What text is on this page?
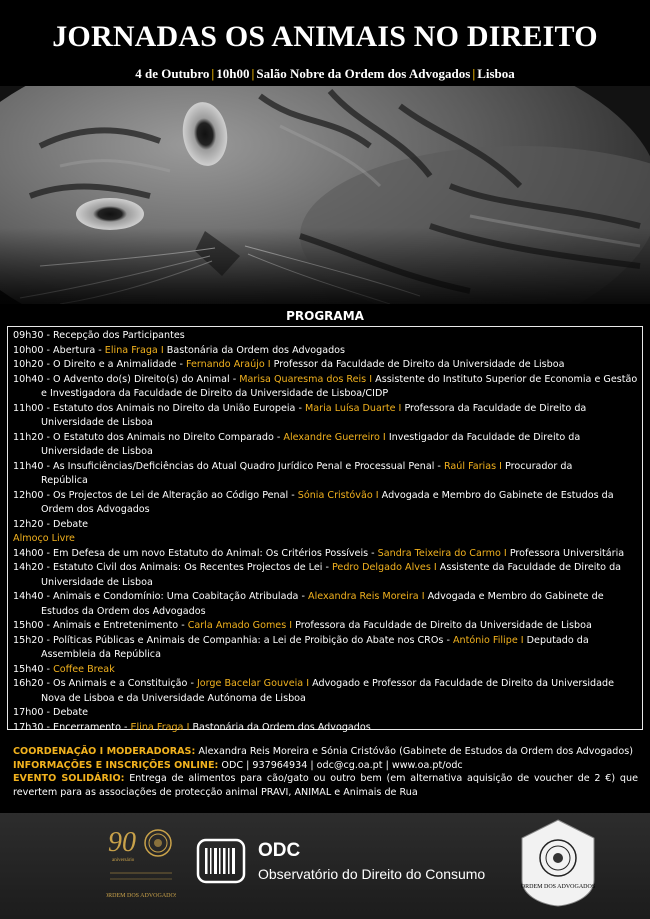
JORNADAS OS ANIMAIS NO DIREITO
4 de Outubro | 10h00 | Salão Nobre da Ordem dos Advogados | Lisboa
PROGRAMA
09h30 - Recepção dos Participantes
10h00 - Abertura - Elina Fraga I Bastonária da Ordem dos Advogados
10h20 - O Direito e a Animalidade - Fernando Araújo I Professor da Faculdade de Direito da Universidade de Lisboa
10h40 - O Advento do(s) Direito(s) do Animal - Marisa Quaresma dos Reis I Assistente do Instituto Superior de Economia e Gestão
e Investigadora da Faculdade de Direito da Universidade de Lisboa/CIDP
11h00 - Estatuto dos Animais no Direito da União Europeia - Maria Luísa Duarte I Professora da Faculdade de Direito da
Universidade de Lisboa
11h20 - O Estatuto dos Animais no Direito Comparado - Alexandre Guerreiro I Investigador da Faculdade de Direito da
Universidade de Lisboa
11h40 - As Insuficiências/Deficiências do Atual Quadro Jurídico Penal e Processual Penal - Raúl Farias I Procurador da
República
12h00 - Os Projectos de Lei de Alteração ao Código Penal - Sónia Cristóvão I Advogada e Membro do Gabinete de Estudos da
Ordem dos Advogados
12h20 - Debate
Almoço Livre
14h00 - Em Defesa de um novo Estatuto do Animal: Os Critérios Possíveis - Sandra Teixeira do Carmo I Professora Universitária
14h20 - Estatuto Civil dos Animais: Os Recentes Projectos de Lei - Pedro Delgado Alves I Assistente da Faculdade de Direito da
Universidade de Lisboa
14h40 - Animais e Condomínio: Uma Coabitação Atribulada - Alexandra Reis Moreira I Advogada e Membro do Gabinete de
Estudos da Ordem dos Advogados
15h00 - Animais e Entretenimento - Carla Amado Gomes I Professora da Faculdade de Direito da Universidade de Lisboa
15h20 - Políticas Públicas e Animais de Companhia: a Lei de Proibição do Abate nos CROs - António Filipe I Deputado da
Assembleia da República
15h40 - Coffee Break
16h20 - Os Animais e a Constituição - Jorge Bacelar Gouveia I Advogado e Professor da Faculdade de Direito da Universidade
Nova de Lisboa e da Universidade Autónoma de Lisboa
17h00 - Debate
17h30 - Encerramento - Elina Fraga I Bastonária da Ordem dos Advogados
COORDENAÇÃO I MODERADORAS: Alexandra Reis Moreira e Sónia Cristóvão (Gabinete de Estudos da Ordem dos Advogados)
INFORMAÇÕES E INSCRIÇÕES ONLINE: ODC | 937964934 | odc@cg.oa.pt | www.oa.pt/odc
EVENTO SOLIDÁRIO: Entrega de alimentos para cão/gato ou outro bem (em alternativa aquisição de voucher de 2 €) que revertem para as associações de protecção animal PRAVI, ANIMAL e Animais de Rua
90
aniversário
ORDEM DOS ADVOGADOS
ODC
Observatório do Direito do Consumo
ORDEM DOS ADVOGADOS
